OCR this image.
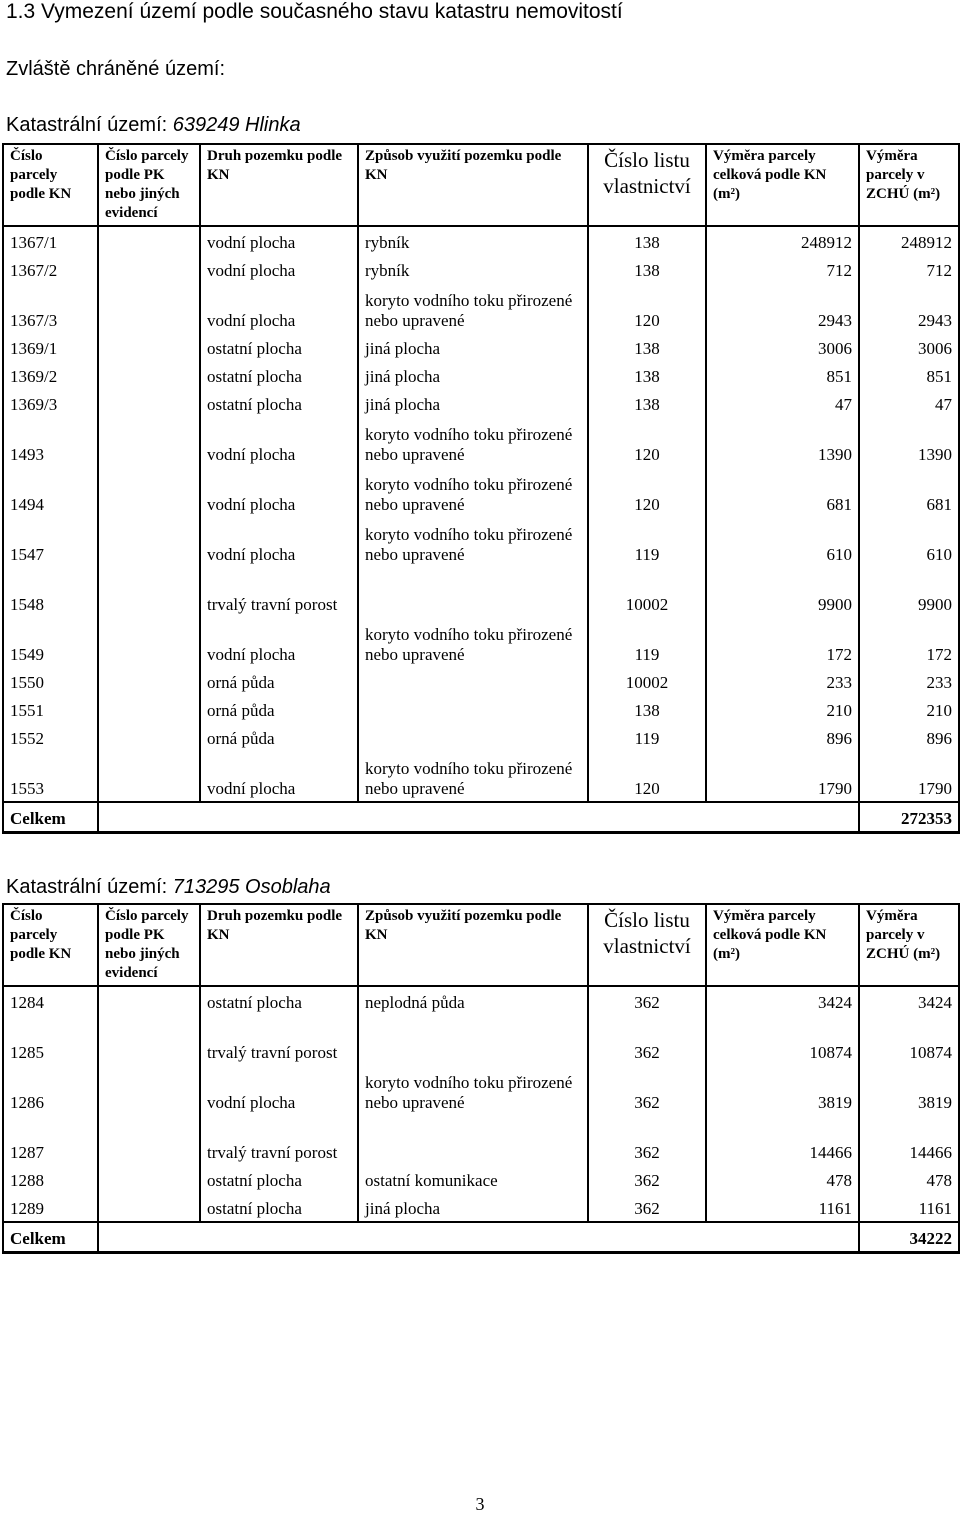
1.3 Vymezení území podle současného stavu katastru nemovitostí
Zvláště chráněné území:
Katastrální území: 639249 Hlinka
Číslo parcely podle KN	Číslo parcely podle PK nebo jiných evidencí	Druh pozemku podle KN	Způsob využití pozemku podle KN	Číslo listu vlastnictví	Výměra parcely celková podle KN (m²)	Výměra parcely v ZCHÚ (m²)
1367/1		vodní plocha	rybník	138	248912	248912
1367/2		vodní plocha	rybník	138	712	712
1367/3		vodní plocha	koryto vodního toku přirozené nebo upravené	120	2943	2943
1369/1		ostatní plocha	jiná plocha	138	3006	3006
1369/2		ostatní plocha	jiná plocha	138	851	851
1369/3		ostatní plocha	jiná plocha	138	47	47
1493		vodní plocha	koryto vodního toku přirozené nebo upravené	120	1390	1390
1494		vodní plocha	koryto vodního toku přirozené nebo upravené	120	681	681
1547		vodní plocha	koryto vodního toku přirozené nebo upravené	119	610	610
1548		trvalý travní porost		10002	9900	9900
1549		vodní plocha	koryto vodního toku přirozené nebo upravené	119	172	172
1550		orná půda		10002	233	233
1551		orná půda		138	210	210
1552		orná půda		119	896	896
1553		vodní plocha	koryto vodního toku přirozené nebo upravené	120	1790	1790
Celkem						272353
Katastrální území: 713295 Osoblaha
Číslo parcely podle KN	Číslo parcely podle PK nebo jiných evidencí	Druh pozemku podle KN	Způsob využití pozemku podle KN	Číslo listu vlastnictví	Výměra parcely celková podle KN (m²)	Výměra parcely v ZCHÚ (m²)
1284		ostatní plocha	neplodná půda	362	3424	3424
1285		trvalý travní porost		362	10874	10874
1286		vodní plocha	koryto vodního toku přirozené nebo upravené	362	3819	3819
1287		trvalý travní porost		362	14466	14466
1288		ostatní plocha	ostatní komunikace	362	478	478
1289		ostatní plocha	jiná plocha	362	1161	1161
Celkem						34222
3
